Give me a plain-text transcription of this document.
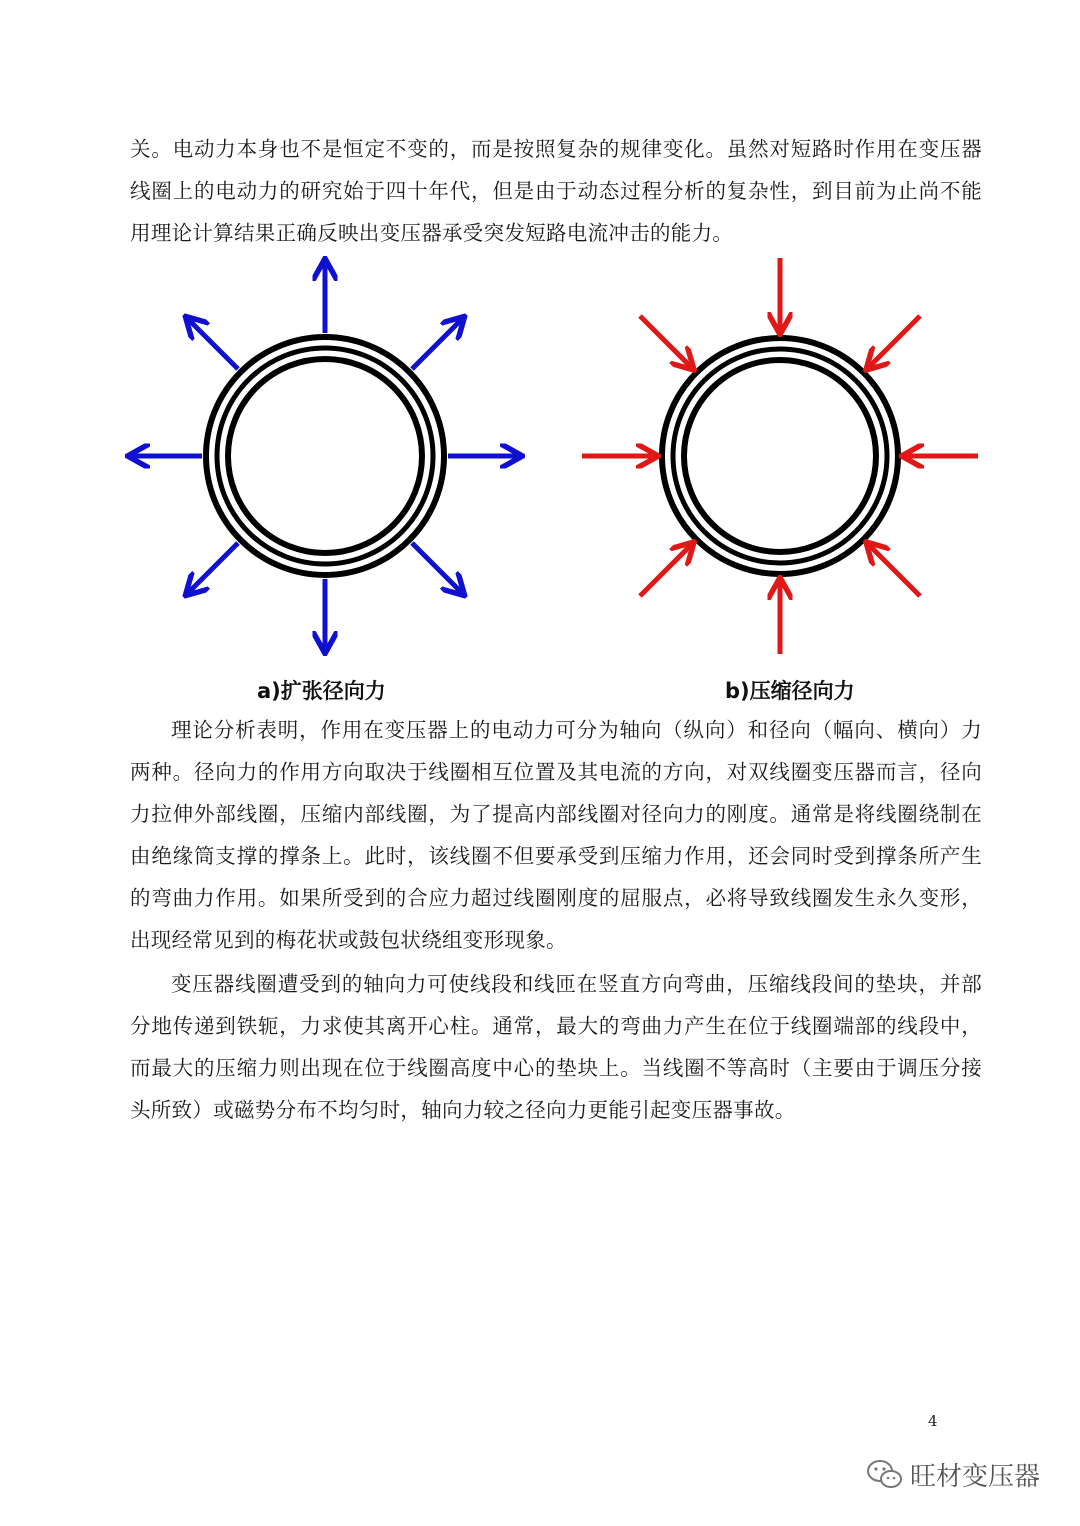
关。电动力本身也不是恒定不变的，而是按照复杂的规律变化。虽然对短路时作用在变压器线圈上的电动力的研究始于四十年代，但是由于动态过程分析的复杂性，到目前为止尚不能用理论计算结果正确反映出变压器承受突发短路电流冲击的能力。

a)扩张径向力	b)压缩径向力

理论分析表明，作用在变压器上的电动力可分为轴向（纵向）和径向（幅向、横向）力两种。径向力的作用方向取决于线圈相互位置及其电流的方向，对双线圈变压器而言，径向力拉伸外部线圈，压缩内部线圈，为了提高内部线圈对径向力的刚度。通常是将线圈绕制在由绝缘筒支撑的撑条上。此时，该线圈不但要承受到压缩力作用，还会同时受到撑条所产生的弯曲力作用。如果所受到的合应力超过线圈刚度的屈服点，必将导致线圈发生永久变形，出现经常见到的梅花状或鼓包状绕组变形现象。

变压器线圈遭受到的轴向力可使线段和线匝在竖直方向弯曲，压缩线段间的垫块，并部分地传递到铁轭，力求使其离开心柱。通常，最大的弯曲力产生在位于线圈端部的线段中，而最大的压缩力则出现在位于线圈高度中心的垫块上。当线圈不等高时（主要由于调压分接头所致）或磁势分布不均匀时，轴向力较之径向力更能引起变压器事故。

4
旺材变压器
